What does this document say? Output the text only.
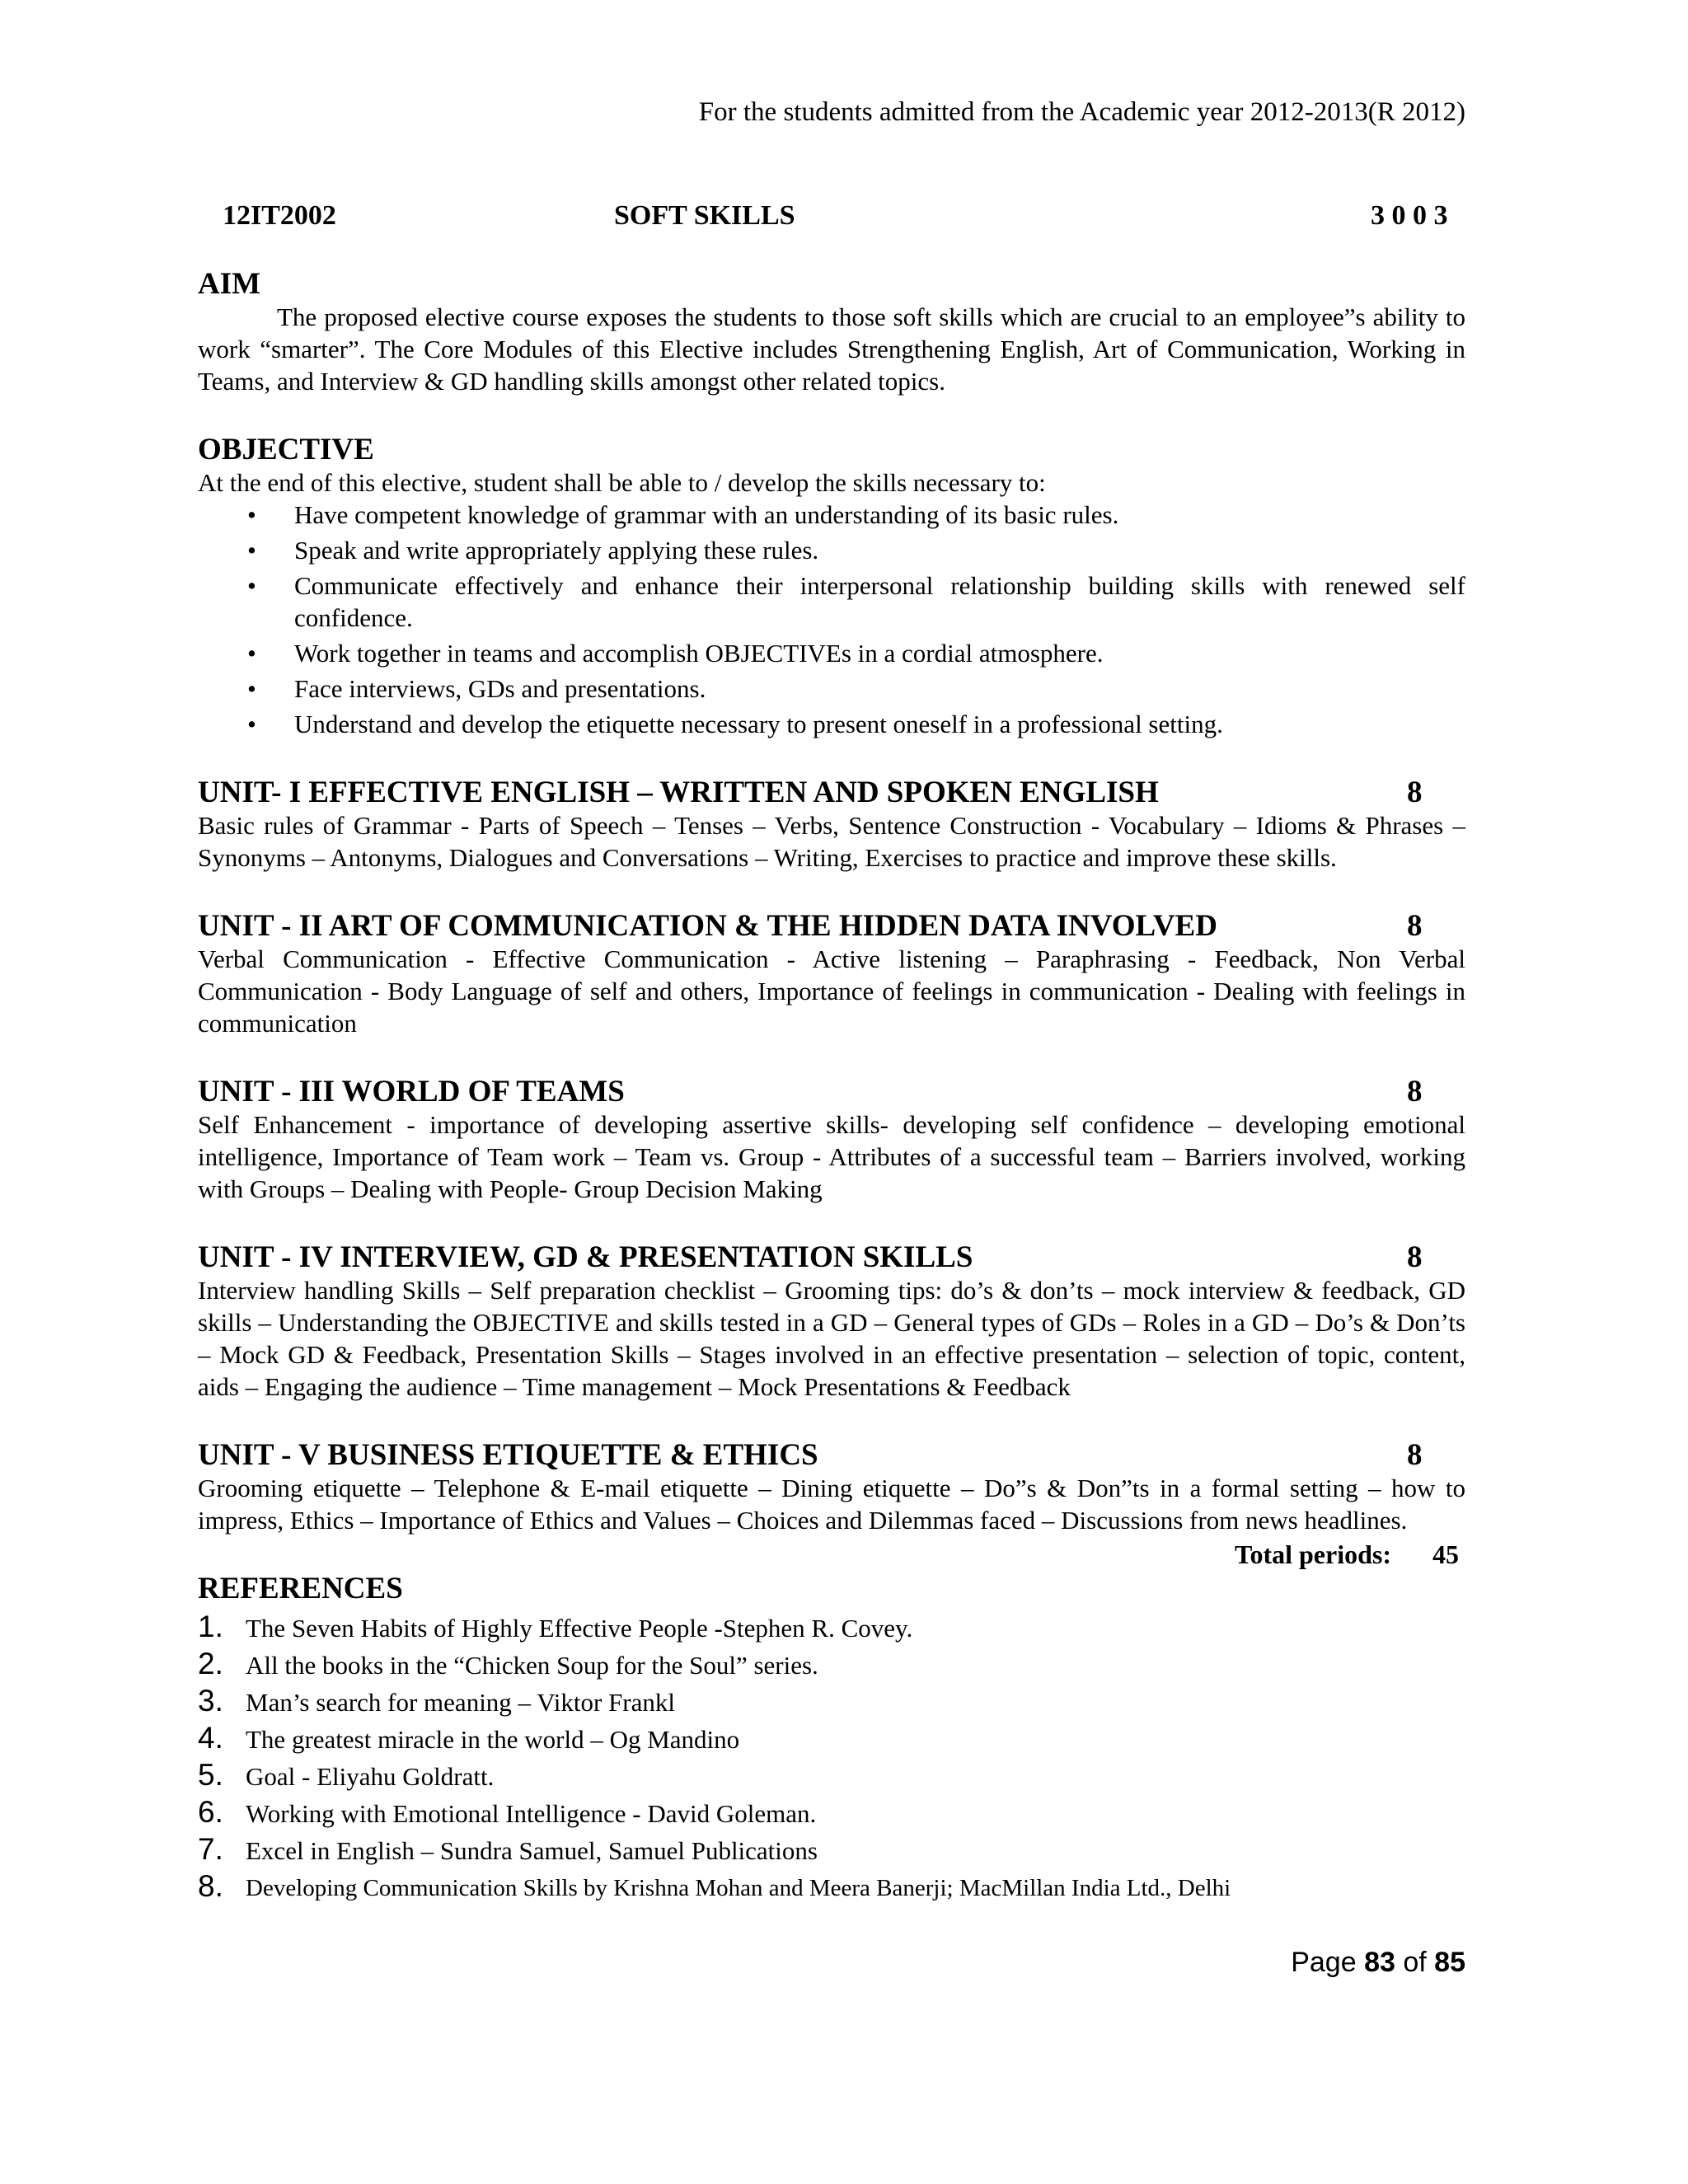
For the students admitted from the Academic year 2012-2013(R 2012)
12IT2002	SOFT SKILLS	3 0 0 3
AIM

The proposed elective course exposes the students to those soft skills which are crucial to an employee”s ability to work “smarter”. The Core Modules of this Elective includes Strengthening English, Art of Communication, Working in Teams, and Interview & GD handling skills amongst other related topics.

OBJECTIVE

At the end of this elective, student shall be able to / develop the skills necessary to:

• Have competent knowledge of grammar with an understanding of its basic rules.
• Speak and write appropriately applying these rules.
• Communicate effectively and enhance their interpersonal relationship building skills with renewed self confidence.
• Work together in teams and accomplish OBJECTIVEs in a cordial atmosphere.
• Face interviews, GDs and presentations.
• Understand and develop the etiquette necessary to present oneself in a professional setting.
UNIT- I EFFECTIVE ENGLISH – WRITTEN AND SPOKEN ENGLISH	8

Basic rules of Grammar - Parts of Speech – Tenses – Verbs, Sentence Construction - Vocabulary – Idioms & Phrases – Synonyms – Antonyms, Dialogues and Conversations – Writing, Exercises to practice and improve these skills.

UNIT - II ART OF COMMUNICATION & THE HIDDEN DATA INVOLVED	8

Verbal Communication - Effective Communication - Active listening – Paraphrasing - Feedback, Non Verbal Communication - Body Language of self and others, Importance of feelings in communication - Dealing with feelings in communication

UNIT - III WORLD OF TEAMS	8

Self Enhancement - importance of developing assertive skills- developing self confidence – developing emotional intelligence, Importance of Team work – Team vs. Group - Attributes of a successful team – Barriers involved, working with Groups – Dealing with People- Group Decision Making

UNIT - IV INTERVIEW, GD & PRESENTATION SKILLS	8

Interview handling Skills – Self preparation checklist – Grooming tips: do’s & don’ts – mock interview & feedback, GD skills – Understanding the OBJECTIVE and skills tested in a GD – General types of GDs – Roles in a GD – Do’s & Don’ts – Mock GD & Feedback, Presentation Skills – Stages involved in an effective presentation – selection of topic, content, aids – Engaging the audience – Time management – Mock Presentations & Feedback

UNIT - V BUSINESS ETIQUETTE & ETHICS	8

Grooming etiquette – Telephone & E-mail etiquette – Dining etiquette – Do”s & Don”ts in a formal setting – how to impress, Ethics – Importance of Ethics and Values – Choices and Dilemmas faced – Discussions from news headlines.

Total periods: 45
REFERENCES
1. The Seven Habits of Highly Effective People -Stephen R. Covey.
2. All the books in the “Chicken Soup for the Soul” series.
3. Man’s search for meaning – Viktor Frankl
4. The greatest miracle in the world – Og Mandino
5. Goal - Eliyahu Goldratt.
6. Working with Emotional Intelligence - David Goleman.
7. Excel in English – Sundra Samuel, Samuel Publications
8. Developing Communication Skills by Krishna Mohan and Meera Banerji; MacMillan India Ltd., Delhi
Page 83 of 85
